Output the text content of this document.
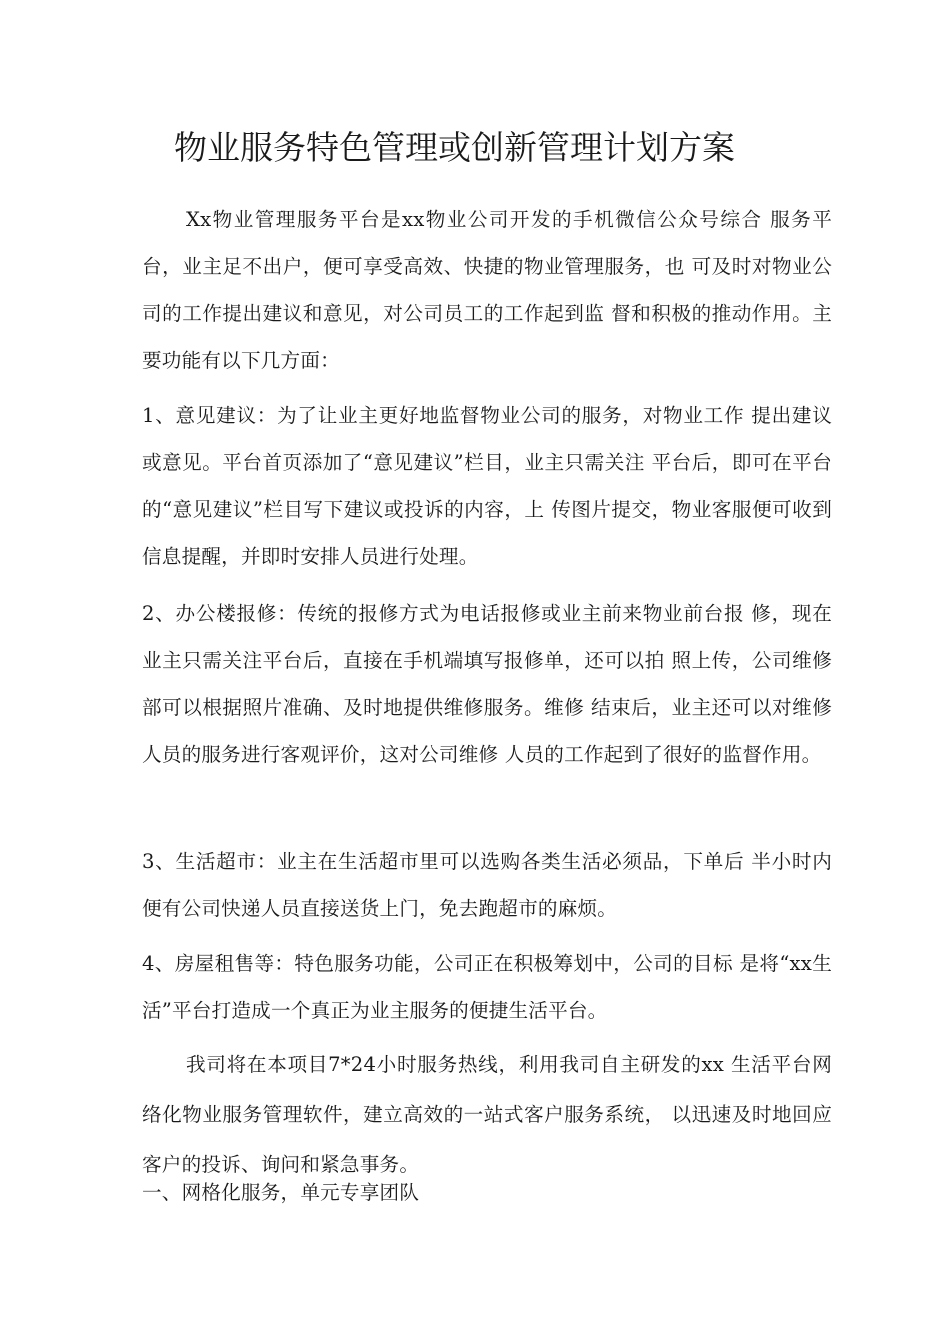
物业服务特色管理或创新管理计划方案

Xx物业管理服务平台是xx物业公司开发的手机微信公众号综合 服务平台，业主足不出户，便可享受高效、快捷的物业管理服务，也 可及时对物业公司的工作提出建议和意见，对公司员工的工作起到监 督和积极的推动作用。主要功能有以下几方面：

1、意见建议：为了让业主更好地监督物业公司的服务，对物业工作 提出建议或意见。平台首页添加了“意见建议”栏目，业主只需关注 平台后，即可在平台的“意见建议”栏目写下建议或投诉的内容，上 传图片提交，物业客服便可收到信息提醒，并即时安排人员进行处理。

2、办公楼报修：传统的报修方式为电话报修或业主前来物业前台报 修，现在业主只需关注平台后，直接在手机端填写报修单，还可以拍 照上传，公司维修部可以根据照片准确、及时地提供维修服务。维修 结束后，业主还可以对维修人员的服务进行客观评价，这对公司维修 人员的工作起到了很好的监督作用。

3、生活超市：业主在生活超市里可以选购各类生活必须品，下单后 半小时内便有公司快递人员直接送货上门，免去跑超市的麻烦。

4、房屋租售等：特色服务功能，公司正在积极筹划中，公司的目标 是将“xx生活”平台打造成一个真正为业主服务的便捷生活平台。

我司将在本项目7*24小时服务热线，利用我司自主研发的xx 生活平台网络化物业服务管理软件，建立高效的一站式客户服务系统， 以迅速及时地回应客户的投诉、询问和紧急事务。

一、网格化服务，单元专享团队
